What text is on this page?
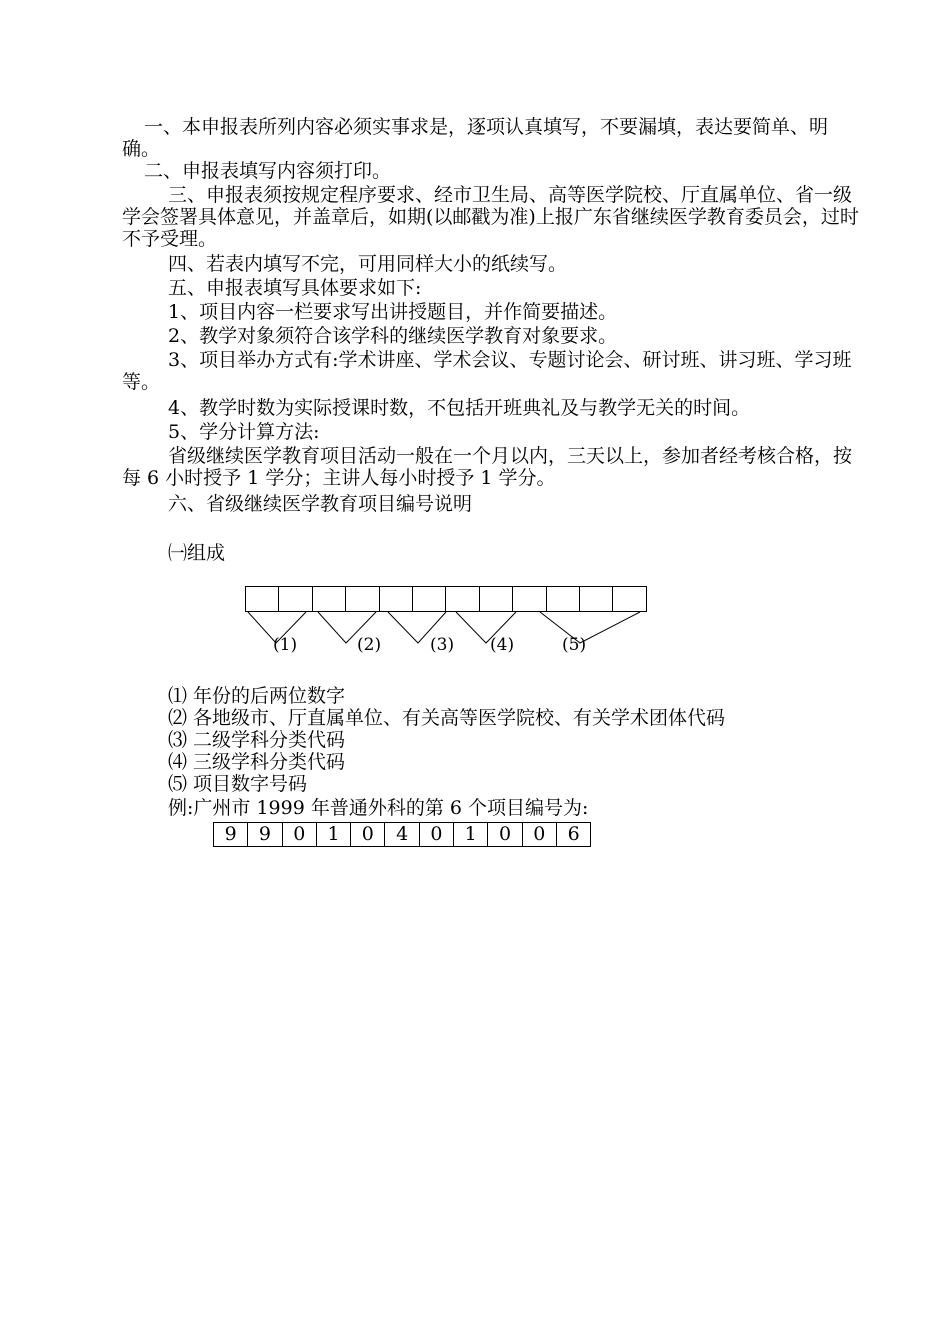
一、本申报表所列内容必须实事求是，逐项认真填写，不要漏填，表达要简单、明确。

二、申报表填写内容须打印。

三、申报表须按规定程序要求、经市卫生局、高等医学院校、厅直属单位、省一级学会签署具体意见，并盖章后，如期(以邮戳为准)上报广东省继续医学教育委员会，过时不予受理。

四、若表内填写不完，可用同样大小的纸续写。
五、申报表填写具体要求如下:
1、项目内容一栏要求写出讲授题目，并作简要描述。
2、教学对象须符合该学科的继续医学教育对象要求。

3、项目举办方式有:学术讲座、学术会议、专题讨论会、研讨班、讲习班、学习班等。

4、教学时数为实际授课时数，不包括开班典礼及与教学无关的时间。
5、学分计算方法:

省级继续医学教育项目活动一般在一个月以内，三天以上，参加者经考核合格，按每 6 小时授予 1 学分；主讲人每小时授予 1 学分。

六、省级继续医学教育项目编号说明
㈠组成
(1)	(2)	(3) (4)	(5)
⑴ 年份的后两位数字
⑵ 各地级市、厅直属单位、有关高等医学院校、有关学术团体代码
⑶ 二级学科分类代码
⑷ 三级学科分类代码
⑸ 项目数字号码
例:广州市 1999 年普通外科的第 6 个项目编号为:
9	9	0	1	0	4	0	1	0	0	6
